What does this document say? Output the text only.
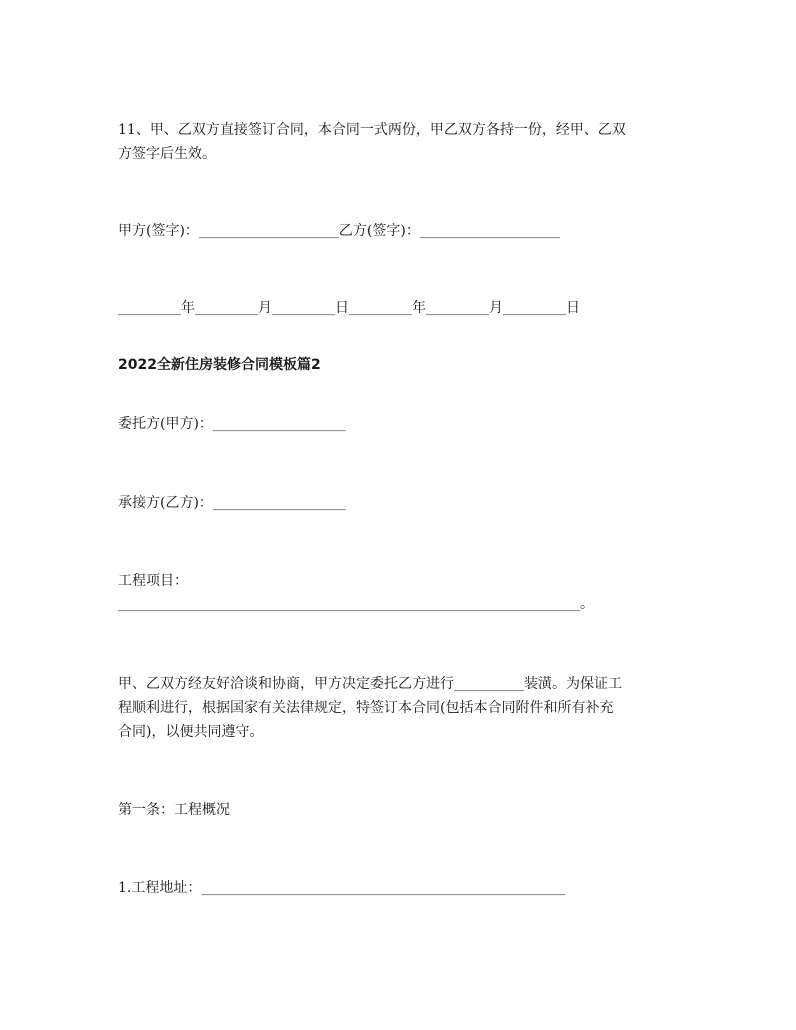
11、甲、乙双方直接签订合同，本合同一式两份，甲乙双方各持一份，经甲、乙双
方签字后生效。
甲方(签字)：____________________乙方(签字)：____________________
_________年_________月_________日_________年_________月_________日
2022全新住房装修合同模板篇2
委托方(甲方)：___________________
承接方(乙方)：___________________
工程项目：
__________________________________________________________________。
甲、乙双方经友好洽谈和协商，甲方决定委托乙方进行__________装潢。为保证工
程顺利进行，根据国家有关法律规定，特签订本合同(包括本合同附件和所有补充
合同)，以便共同遵守。
第一条：工程概况
1.工程地址：____________________________________________________
